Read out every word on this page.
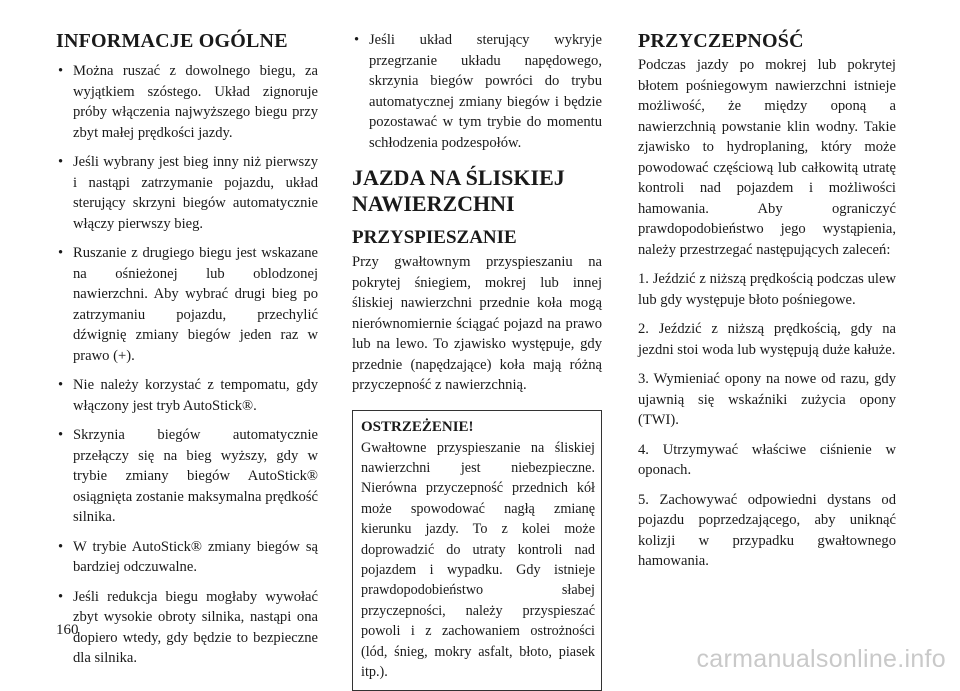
INFORMACJE OGÓLNE
• Można ruszać z dowolnego biegu, za wyjątkiem szóstego. Układ zignoruje próby włączenia najwyższego biegu przy zbyt małej prędkości jazdy.
• Jeśli wybrany jest bieg inny niż pierwszy i nastąpi zatrzymanie pojazdu, układ sterujący skrzyni biegów automatycznie włączy pierwszy bieg.
• Ruszanie z drugiego biegu jest wskazane na ośnieżonej lub oblodzonej nawierzchni. Aby wybrać drugi bieg po zatrzymaniu pojazdu, przechylić dźwignię zmiany biegów jeden raz w prawo (+).
• Nie należy korzystać z tempomatu, gdy włączony jest tryb AutoStick®.
• Skrzynia biegów automatycznie przełączy się na bieg wyższy, gdy w trybie zmiany biegów AutoStick® osiągnięta zostanie maksymalna prędkość silnika.
• W trybie AutoStick® zmiany biegów są bardziej odczuwalne.
• Jeśli redukcja biegu mogłaby wywołać zbyt wysokie obroty silnika, nastąpi ona dopiero wtedy, gdy będzie to bezpieczne dla silnika.
• Jeśli układ sterujący wykryje przegrzanie układu napędowego, skrzynia biegów powróci do trybu automatycznej zmiany biegów i będzie pozostawać w tym trybie do momentu schłodzenia podzespołów.
JAZDA NA ŚLISKIEJ NAWIERZCHNI
PRZYSPIESZANIE

Przy gwałtownym przyspieszaniu na pokrytej śniegiem, mokrej lub innej śliskiej nawierzchni przednie koła mogą nierównomiernie ściągać pojazd na prawo lub na lewo. To zjawisko występuje, gdy przednie (napędzające) koła mają różną przyczepność z nawierzchnią.

OSTRZEŻENIE!

Gwałtowne przyspieszanie na śliskiej nawierzchni jest niebezpieczne. Nierówna przyczepność przednich kół może spowodować nagłą zmianę kierunku jazdy. To z kolei może doprowadzić do utraty kontroli nad pojazdem i wypadku. Gdy istnieje prawdopodobieństwo słabej przyczepności, należy przyspieszać powoli i z zachowaniem ostrożności (lód, śnieg, mokry asfalt, błoto, piasek itp.).

PRZYCZEPNOŚĆ

Podczas jazdy po mokrej lub pokrytej błotem pośniegowym nawierzchni istnieje możliwość, że między oponą a nawierzchnią powstanie klin wodny. Takie zjawisko to hydroplaning, który może powodować częściową lub całkowitą utratę kontroli nad pojazdem i możliwości hamowania. Aby ograniczyć prawdopodobieństwo jego wystąpienia, należy przestrzegać następujących zaleceń:

1. Jeździć z niższą prędkością podczas ulew lub gdy występuje błoto pośniegowe.

2. Jeździć z niższą prędkością, gdy na jezdni stoi woda lub występują duże kałuże.

3. Wymieniać opony na nowe od razu, gdy ujawnią się wskaźniki zużycia opony (TWI).

4. Utrzymywać właściwe ciśnienie w oponach.

5. Zachowywać odpowiedni dystans od pojazdu poprzedzającego, aby uniknąć kolizji w przypadku gwałtownego hamowania.

160
carmanualsonline.info
